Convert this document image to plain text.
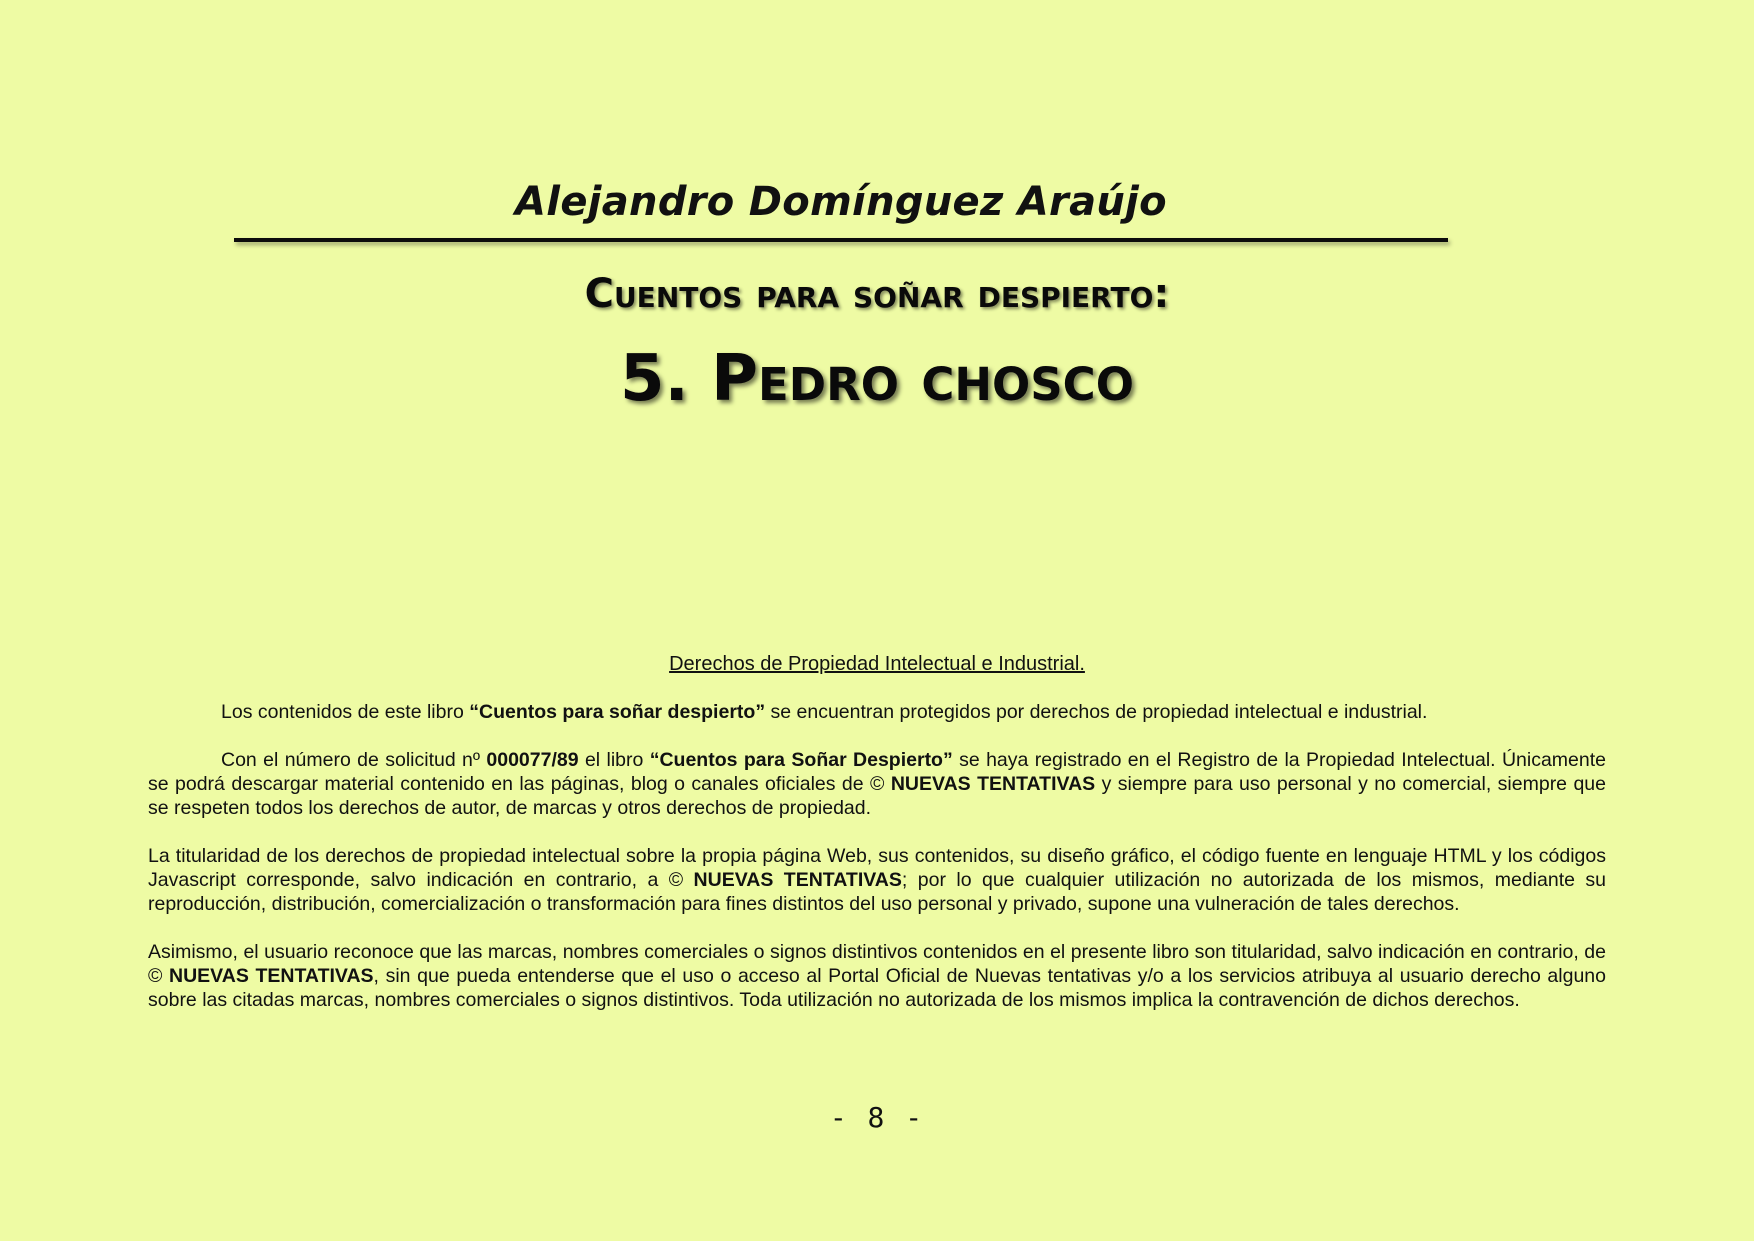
Alejandro Domínguez Araújo
Cuentos para soñar despierto:
5. Pedro chosco
Derechos de Propiedad Intelectual e Industrial.

Los contenidos de este libro “Cuentos para soñar despierto” se encuentran protegidos por derechos de propiedad intelectual e industrial.

Con el número de solicitud nº 000077/89 el libro “Cuentos para Soñar Despierto” se haya registrado en el Registro de la Propiedad Intelectual. Únicamente se podrá descargar material contenido en las páginas, blog o canales oficiales de © NUEVAS TENTATIVAS y siempre para uso personal y no comercial, siempre que se respeten todos los derechos de autor, de marcas y otros derechos de propiedad.

La titularidad de los derechos de propiedad intelectual sobre la propia página Web, sus contenidos, su diseño gráfico, el código fuente en lenguaje HTML y los códigos Javascript corresponde, salvo indicación en contrario, a © NUEVAS TENTATIVAS; por lo que cualquier utilización no autorizada de los mismos, mediante su reproducción, distribución, comercialización o transformación para fines distintos del uso personal y privado, supone una vulneración de tales derechos.

Asimismo, el usuario reconoce que las marcas, nombres comerciales o signos distintivos contenidos en el presente libro son titularidad, salvo indicación en contrario, de © NUEVAS TENTATIVAS, sin que pueda entenderse que el uso o acceso al Portal Oficial de Nuevas tentativas y/o a los servicios atribuya al usuario derecho alguno sobre las citadas marcas, nombres comerciales o signos distintivos. Toda utilización no autorizada de los mismos implica la contravención de dichos derechos.

- 8 -
